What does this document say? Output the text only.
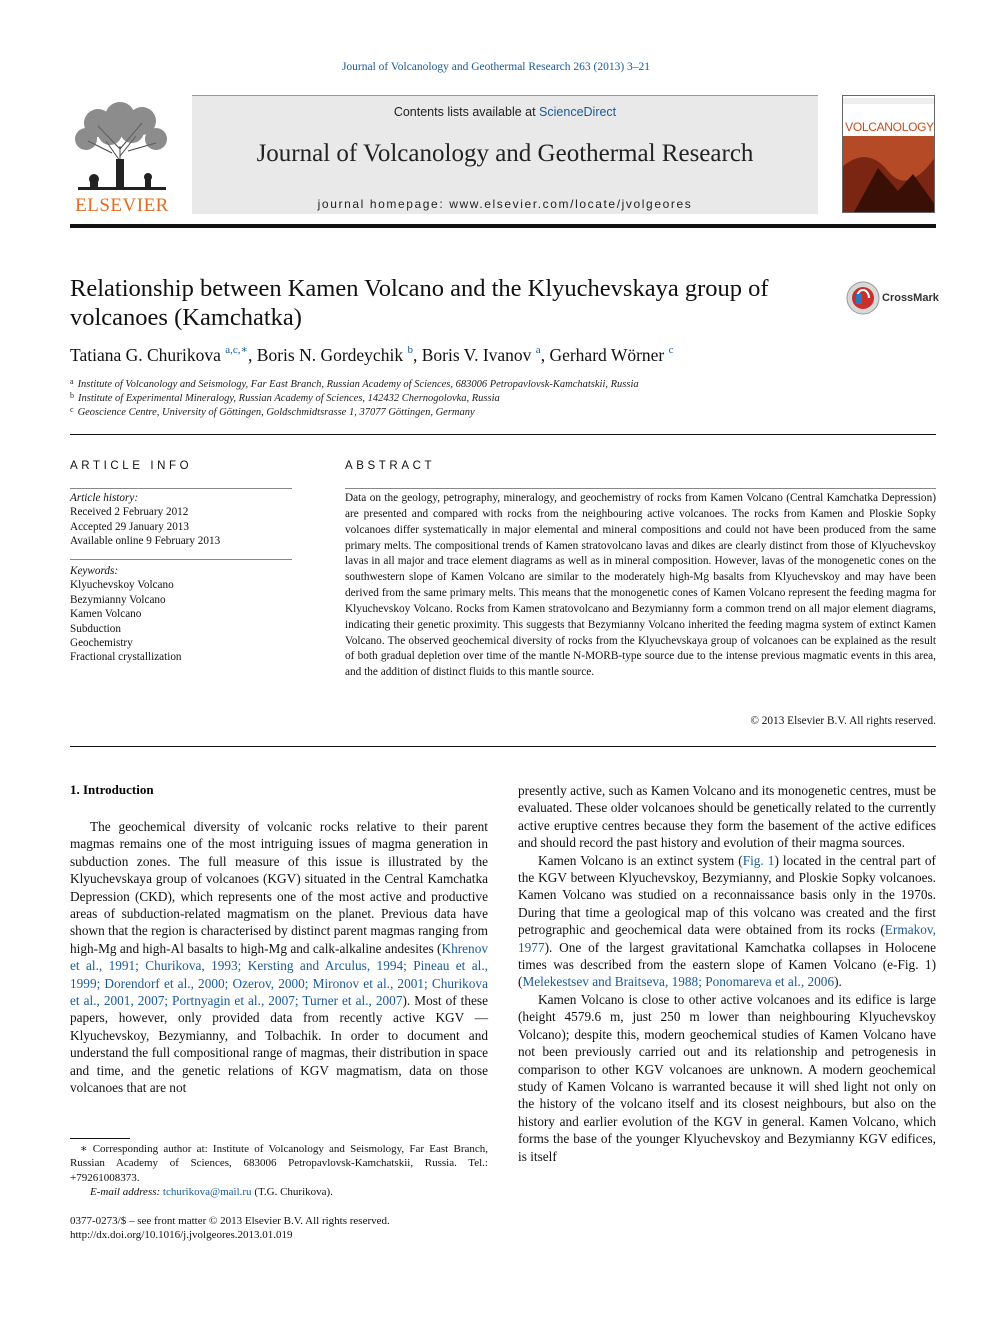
Journal of Volcanology and Geothermal Research 263 (2013) 3–21
ELSEVIER
Contents lists available at ScienceDirect
Journal of Volcanology and Geothermal Research
journal homepage: www.elsevier.com/locate/jvolgeores
VOLCANOLOGY
Relationship between Kamen Volcano and the Klyuchevskaya group of volcanoes (Kamchatka)
CrossMark
Tatiana G. Churikova $^{a,c,∗}$, Boris N. Gordeychik $^b$, Boris V. Ivanov $^a$, Gerhard Wörner $^c$
$^a$ Institute of Volcanology and Seismology, Far East Branch, Russian Academy of Sciences, 683006 Petropavlovsk-Kamchatskii, Russia
$^b$ Institute of Experimental Mineralogy, Russian Academy of Sciences, 142432 Chernogolovka, Russia
$^c$ Geoscience Centre, University of Göttingen, Goldschmidtsrasse 1, 37077 Göttingen, Germany
ARTICLE INFO
Article history:
Received 2 February 2012
Accepted 29 January 2013
Available online 9 February 2013
Keywords:
Klyuchevskoy Volcano
Bezymianny Volcano
Kamen Volcano
Subduction
Geochemistry
Fractional crystallization
ABSTRACT
Data on the geology, petrography, mineralogy, and geochemistry of rocks from Kamen Volcano (Central Kamchatka Depression) are presented and compared with rocks from the neighbouring active volcanoes. The rocks from Kamen and Ploskie Sopky volcanoes differ systematically in major elemental and mineral compositions and could not have been produced from the same primary melts. The compositional trends of Kamen stratovolcano lavas and dikes are clearly distinct from those of Klyuchevskoy lavas in all major and trace element diagrams as well as in mineral composition. However, lavas of the monogenetic cones on the southwestern slope of Kamen Volcano are similar to the moderately high-Mg basalts from Klyuchevskoy and may have been derived from the same primary melts. This means that the monogenetic cones of Kamen Volcano represent the feeding magma for Klyuchevskoy Volcano. Rocks from Kamen stratovolcano and Bezymianny form a common trend on all major element diagrams, indicating their genetic proximity. This suggests that Bezymianny Volcano inherited the feeding magma system of extinct Kamen Volcano. The observed geochemical diversity of rocks from the Klyuchevskaya group of volcanoes can be explained as the result of both gradual depletion over time of the mantle N-MORB-type source due to the intense previous magmatic events in this area, and the addition of distinct fluids to this mantle source.
© 2013 Elsevier B.V. All rights reserved.
1. Introduction

The geochemical diversity of volcanic rocks relative to their parent magmas remains one of the most intriguing issues of magma generation in subduction zones. The full measure of this issue is illustrated by the Klyuchevskaya group of volcanoes (KGV) situated in the Central Kamchatka Depression (CKD), which represents one of the most active and productive areas of subduction-related magmatism on the planet. Previous data have shown that the region is characterised by distinct parent magmas ranging from high-Mg and high-Al basalts to high-Mg and calk-alkaline andesites (Khrenov et al., 1991; Churikova, 1993; Kersting and Arculus, 1994; Pineau et al., 1999; Dorendorf et al., 2000; Ozerov, 2000; Mironov et al., 2001; Churikova et al., 2001, 2007; Portnyagin et al., 2007; Turner et al., 2007). Most of these papers, however, only provided data from recently active KGV — Klyuchevskoy, Bezymianny, and Tolbachik. In order to document and understand the full compositional range of magmas, their distribution in space and time, and the genetic relations of KGV magmatism, data on those volcanoes that are not

∗ Corresponding author at: Institute of Volcanology and Seismology, Far East Branch, Russian Academy of Sciences, 683006 Petropavlovsk-Kamchatskii, Russia. Tel.: +79261008373.
E-mail address: tchurikova@mail.ru (T.G. Churikova).
0377-0273/$ – see front matter © 2013 Elsevier B.V. All rights reserved.
http://dx.doi.org/10.1016/j.jvolgeores.2013.01.019

presently active, such as Kamen Volcano and its monogenetic centres, must be evaluated. These older volcanoes should be genetically related to the currently active eruptive centres because they form the basement of the active edifices and should record the past history and evolution of their magma sources.

Kamen Volcano is an extinct system (Fig. 1) located in the central part of the KGV between Klyuchevskoy, Bezymianny, and Ploskie Sopky volcanoes. Kamen Volcano was studied on a reconnaissance basis only in the 1970s. During that time a geological map of this volcano was created and the first petrographic and geochemical data were obtained from its rocks (Ermakov, 1977). One of the largest gravitational Kamchatka collapses in Holocene times was described from the eastern slope of Kamen Volcano (e-Fig. 1) (Melekestsev and Braitseva, 1988; Ponomareva et al., 2006).

Kamen Volcano is close to other active volcanoes and its edifice is large (height 4579.6 m, just 250 m lower than neighbouring Klyuchevskoy Volcano); despite this, modern geochemical studies of Kamen Volcano have not been previously carried out and its relationship and petrogenesis in comparison to other KGV volcanoes are unknown. A modern geochemical study of Kamen Volcano is warranted because it will shed light not only on the history of the volcano itself and its closest neighbours, but also on the history and earlier evolution of the KGV in general. Kamen Volcano, which forms the base of the younger Klyuchevskoy and Bezymianny KGV edifices, is itself
